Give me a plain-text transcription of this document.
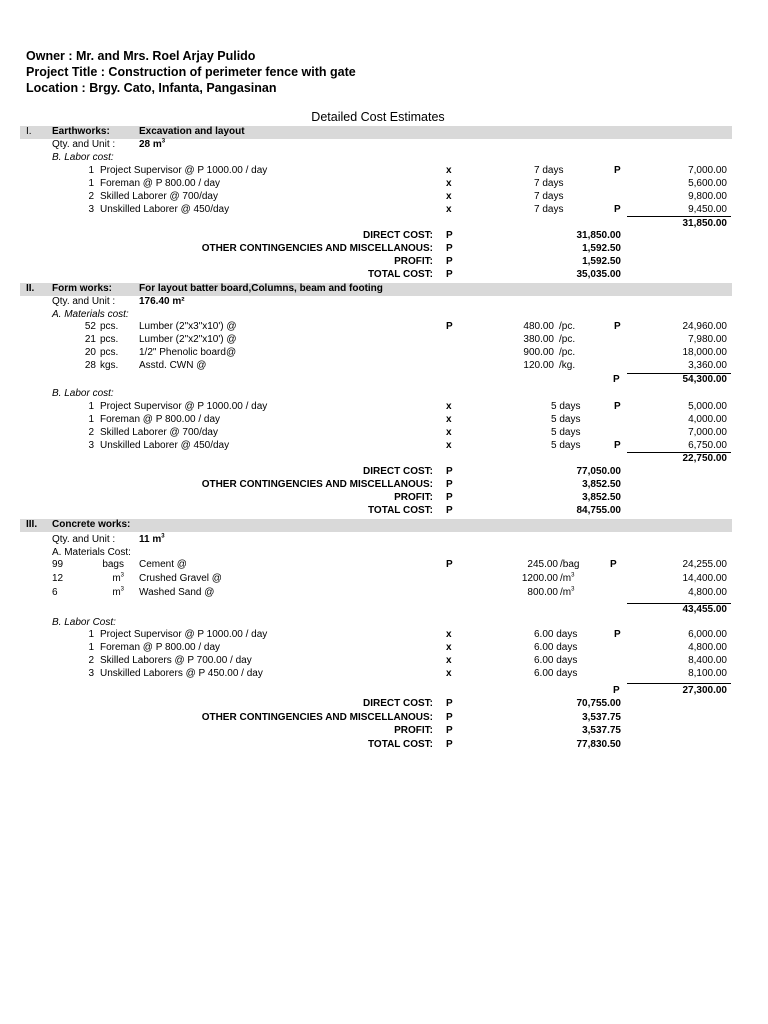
Owner : Mr. and Mrs. Roel Arjay Pulido
Project Title : Construction of perimeter fence with gate
Location : Brgy. Cato, Infanta, Pangasinan
Detailed Cost Estimates
I. Earthworks:	Excavation and layout
Qty. and Unit : 28 $m^3$
B. Labor cost:
1 Project Supervisor @ P 1000.00 / day	x	7 days	P	7,000.00
1 Foreman @ P 800.00 / day	x	7 days	5,600.00
2 Skilled Laborer @ 700/day	x	7 days	9,800.00
3 Unskilled Laborer @ 450/day	x	7 days	P	9,450.00
31,850.00
DIRECT COST: P	31,850.00
OTHER CONTINGENCIES AND MISCELLANOUS: P	1,592.50
PROFIT: P	1,592.50
TOTAL COST: P	35,035.00
II. Form works:	For layout batter board,Columns, beam and footing
Qty. and Unit : 176.40 m²
A. Materials cost:
52 pcs. Lumber (2"x3"x10') @	P	480.00 /pc.	P	24,960.00
21 pcs. Lumber (2"x2"x10') @	380.00 /pc.	7,980.00
20 pcs. 1/2" Phenolic board@	900.00 /pc.	18,000.00
28 kgs. Asstd. CWN @	120.00 /kg.	3,360.00
P	54,300.00
B. Labor cost:
1 Project Supervisor @ P 1000.00 / day	x	5 days	P	5,000.00
1 Foreman @ P 800.00 / day	x	5 days	4,000.00
2 Skilled Laborer @ 700/day	x	5 days	7,000.00
3 Unskilled Laborer @ 450/day	x	5 days	P	6,750.00
22,750.00
DIRECT COST: P	77,050.00
OTHER CONTINGENCIES AND MISCELLANOUS: P	3,852.50
PROFIT: P	3,852.50
TOTAL COST: P	84,755.00
III. Concrete works:
Qty. and Unit : 11 $m^3$
A. Materials Cost:
99	bags Cement @	P	245.00 /bag	P	24,255.00
12	$m^3$ Crushed Gravel @	1200.00 $/m^3$	14,400.00
6	$m^3$ Washed Sand @	800.00 $/m^3$	4,800.00
43,455.00
B. Labor Cost:
1 Project Supervisor @ P 1000.00 / day	x	6.00 days	P	6,000.00
1 Foreman @ P 800.00 / day	x	6.00 days	4,800.00
2 Skilled Laborers @ P 700.00 / day	x	6.00 days	8,400.00
3 Unskilled Laborers @ P 450.00 / day	x	6.00 days	8,100.00
P	27,300.00
DIRECT COST: P	70,755.00
OTHER CONTINGENCIES AND MISCELLANOUS: P	3,537.75
PROFIT: P	3,537.75
TOTAL COST: P	77,830.50
